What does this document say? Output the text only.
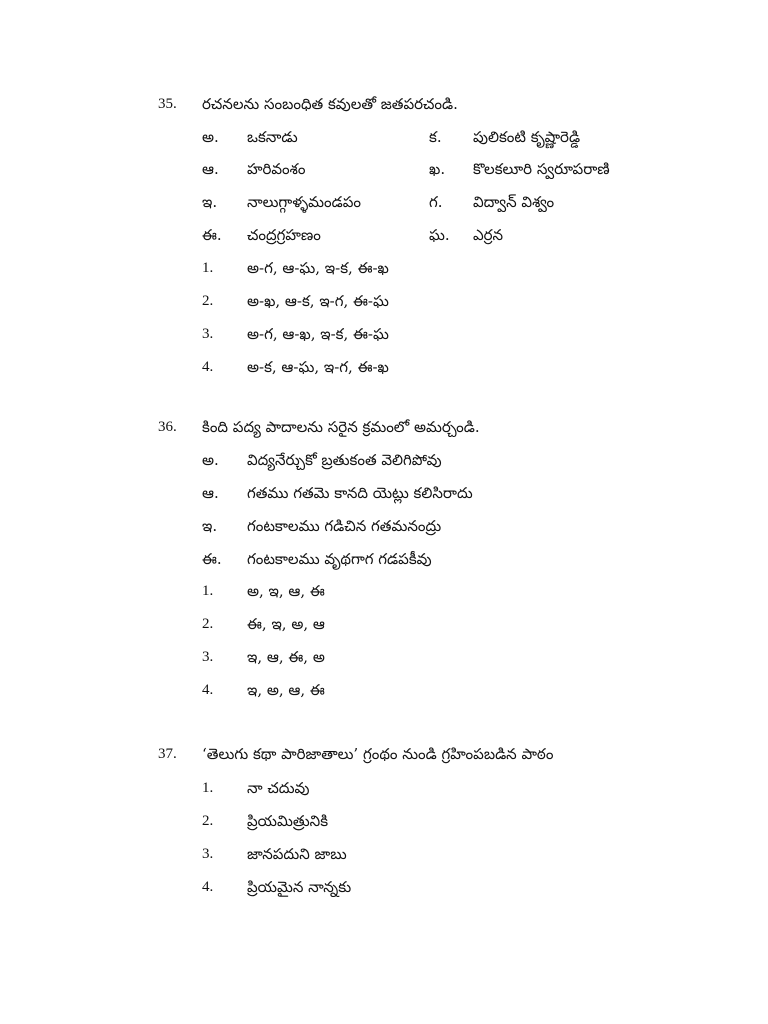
35. రచనలను సంబంధిత కవులతో జతపరచండి.
అ. ఒకనాడు	క. పులికంటి కృష్ణారెడ్డి
ఆ. హరివంశం	ఖ. కొలకలూరి స్వరూపరాణి
ఇ. నాలుగ్గాళ్ళమండపం	గ. విద్వాన్ విశ్వం
ఈ. చంద్రగ్రహణం	ఘ. ఎర్రన
1. అ-గ, ఆ-ఘ, ఇ-క, ఈ-ఖ
2. అ-ఖ, ఆ-క, ఇ-గ, ఈ-ఘ
3. అ-గ, ఆ-ఖ, ఇ-క, ఈ-ఘ
4. అ-క, ఆ-ఘ, ఇ-గ, ఈ-ఖ
36. కింది పద్య పాదాలను సరైన క్రమంలో అమర్చండి.
అ. విద్యనేర్చుకో బ్రతుకంత వెలిగిపోవు
ఆ. గతము గతమె కానది యెట్లు కలిసిరాదు
ఇ. గంటకాలము గడిచిన గతమనంద్రు
ఈ. గంటకాలము వృథగాగ గడపకీవు
1. అ, ఇ, ఆ, ఈ
2. ఈ, ఇ, అ, ఆ
3. ఇ, ఆ, ఈ, అ
4. ఇ, అ, ఆ, ఈ
37. ‘తెలుగు కథా పారిజాతాలు’ గ్రంథం నుండి గ్రహింపబడిన పాఠం
1. నా చదువు
2. ప్రియమిత్రునికి
3. జానపదుని జాబు
4. ప్రియమైన నాన్నకు
